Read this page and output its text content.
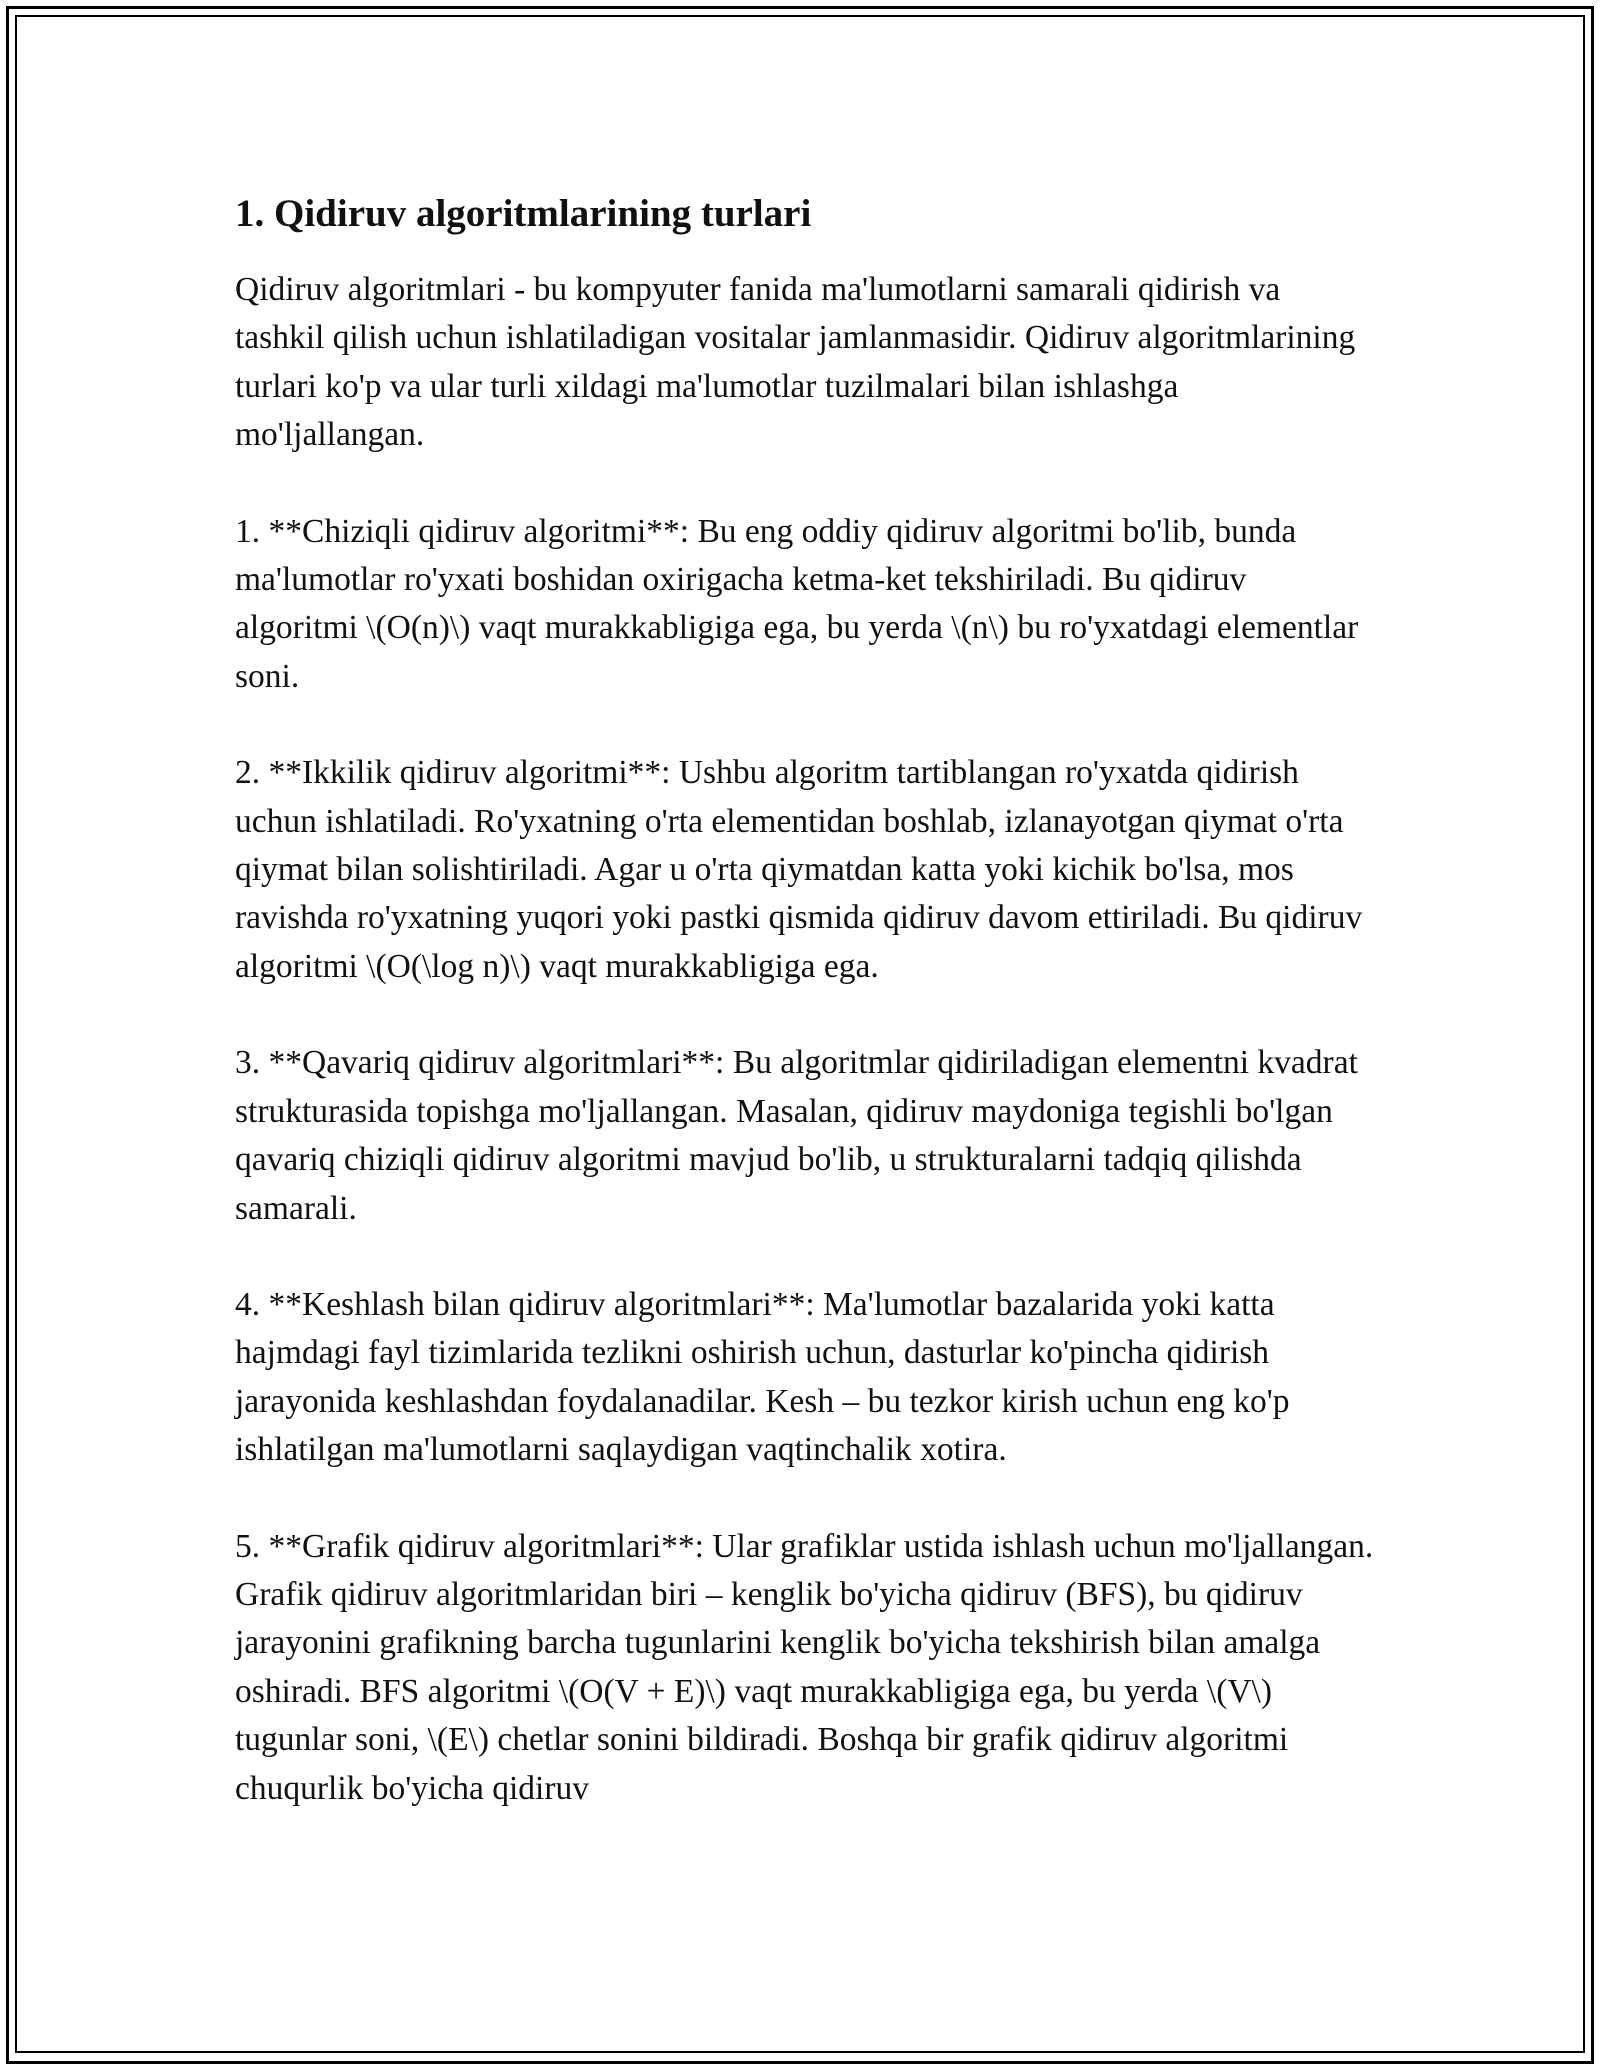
1. Qidiruv algoritmlarining turlari

Qidiruv algoritmlari - bu kompyuter fanida ma'lumotlarni samarali qidirish va tashkil qilish uchun ishlatiladigan vositalar jamlanmasidir. Qidiruv algoritmlarining turlari ko'p va ular turli xildagi ma'lumotlar tuzilmalari bilan ishlashga mo'ljallangan.

1. **Chiziqli qidiruv algoritmi**: Bu eng oddiy qidiruv algoritmi bo'lib, bunda ma'lumotlar ro'yxati boshidan oxirigacha ketma-ket tekshiriladi. Bu qidiruv algoritmi \(O(n)\) vaqt murakkabligiga ega, bu yerda \(n\) bu ro'yxatdagi elementlar soni.

2. **Ikkilik qidiruv algoritmi**: Ushbu algoritm tartiblangan ro'yxatda qidirish uchun ishlatiladi. Ro'yxatning o'rta elementidan boshlab, izlanayotgan qiymat o'rta qiymat bilan solishtiriladi. Agar u o'rta qiymatdan katta yoki kichik bo'lsa, mos ravishda ro'yxatning yuqori yoki pastki qismida qidiruv davom ettiriladi. Bu qidiruv algoritmi \(O(\log n)\) vaqt murakkabligiga ega.

3. **Qavariq qidiruv algoritmlari**: Bu algoritmlar qidiriladigan elementni kvadrat strukturasida topishga mo'ljallangan. Masalan, qidiruv maydoniga tegishli bo'lgan qavariq chiziqli qidiruv algoritmi mavjud bo'lib, u strukturalarni tadqiq qilishda samarali.

4. **Keshlash bilan qidiruv algoritmlari**: Ma'lumotlar bazalarida yoki katta hajmdagi fayl tizimlarida tezlikni oshirish uchun, dasturlar ko'pincha qidirish jarayonida keshlashdan foydalanadilar. Kesh – bu tezkor kirish uchun eng ko'p ishlatilgan ma'lumotlarni saqlaydigan vaqtinchalik xotira.

5. **Grafik qidiruv algoritmlari**: Ular grafiklar ustida ishlash uchun mo'ljallangan. Grafik qidiruv algoritmlaridan biri – kenglik bo'yicha qidiruv (BFS), bu qidiruv jarayonini grafikning barcha tugunlarini kenglik bo'yicha tekshirish bilan amalga oshiradi. BFS algoritmi \(O(V + E)\) vaqt murakkabligiga ega, bu yerda \(V\) tugunlar soni, \(E\) chetlar sonini bildiradi. Boshqa bir grafik qidiruv algoritmi chuqurlik bo'yicha qidiruv
